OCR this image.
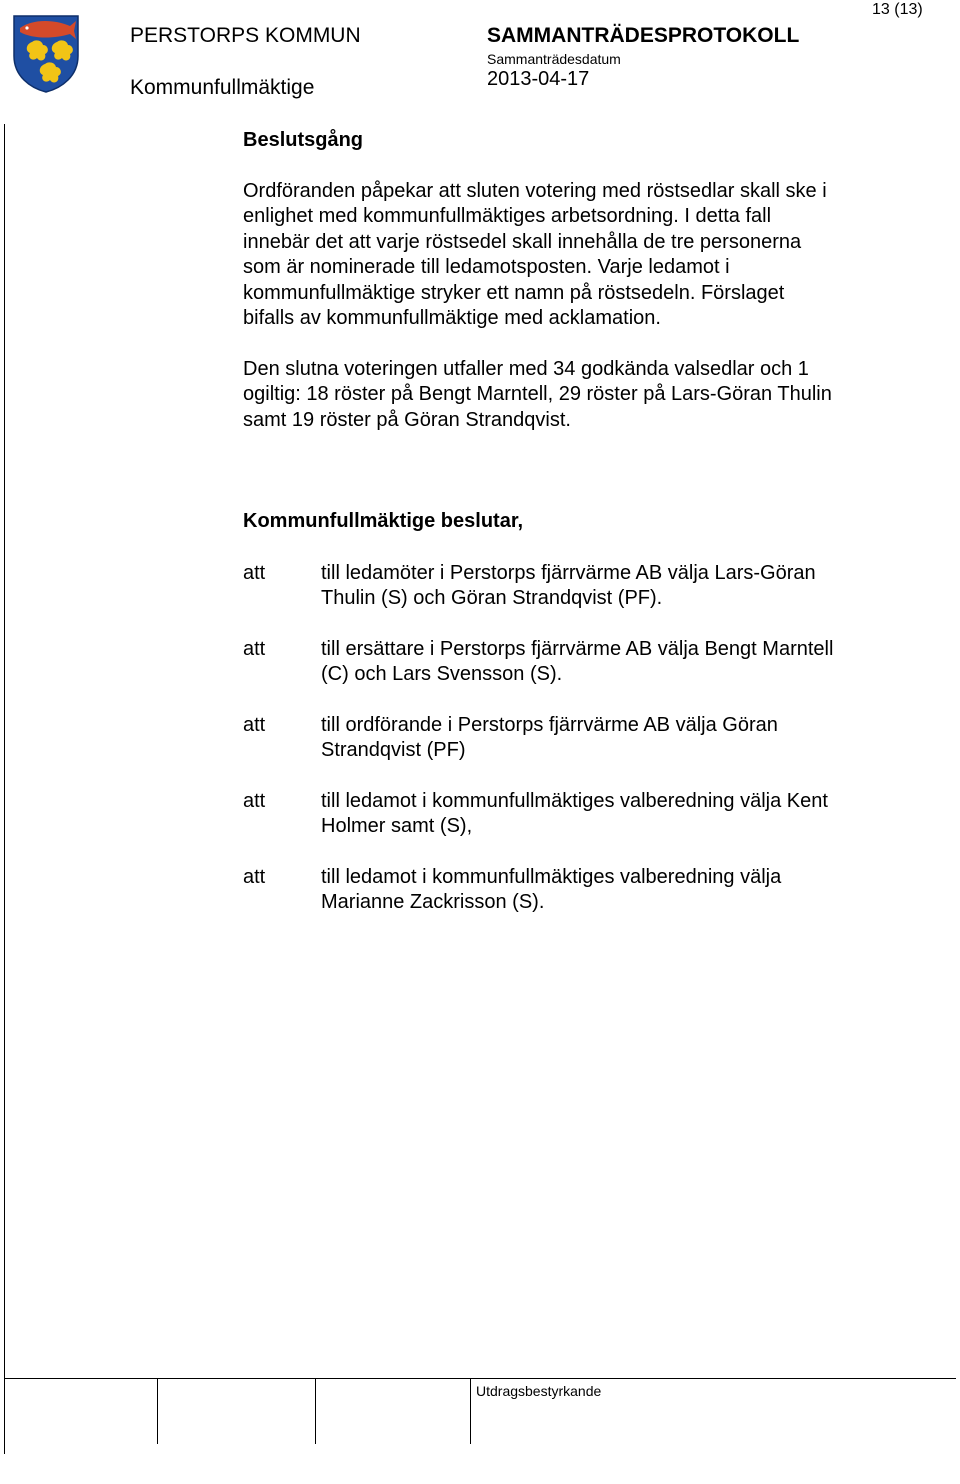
PERSTORPS KOMMUN
Kommunfullmäktige
SAMMANTRÄDESPROTOKOLL
Sammanträdesdatum
2013-04-17
13 (13)
Beslutsgång
Ordföranden påpekar att sluten votering med röstsedlar skall ske i
enlighet med kommunfullmäktiges arbetsordning. I detta fall
innebär det att varje röstsedel skall innehålla de tre personerna
som är nominerade till ledamotsposten. Varje ledamot i
kommunfullmäktige stryker ett namn på röstsedeln. Förslaget
bifalls av kommunfullmäktige med acklamation.
Den slutna voteringen utfaller med 34 godkända valsedlar och 1
ogiltig: 18 röster på Bengt Marntell, 29 röster på Lars-Göran Thulin
samt 19 röster på Göran Strandqvist.
Kommunfullmäktige beslutar,
att	till ledamöter i Perstorps fjärrvärme AB välja Lars-Göran
Thulin (S) och Göran Strandqvist (PF).
att	till ersättare i Perstorps fjärrvärme AB välja Bengt Marntell
(C) och Lars Svensson (S).
att	till ordförande i Perstorps fjärrvärme AB välja Göran
Strandqvist (PF)
att	till ledamot i kommunfullmäktiges valberedning välja Kent
Holmer samt (S),
att	till ledamot i kommunfullmäktiges valberedning välja
Marianne Zackrisson (S).
Utdragsbestyrkande
